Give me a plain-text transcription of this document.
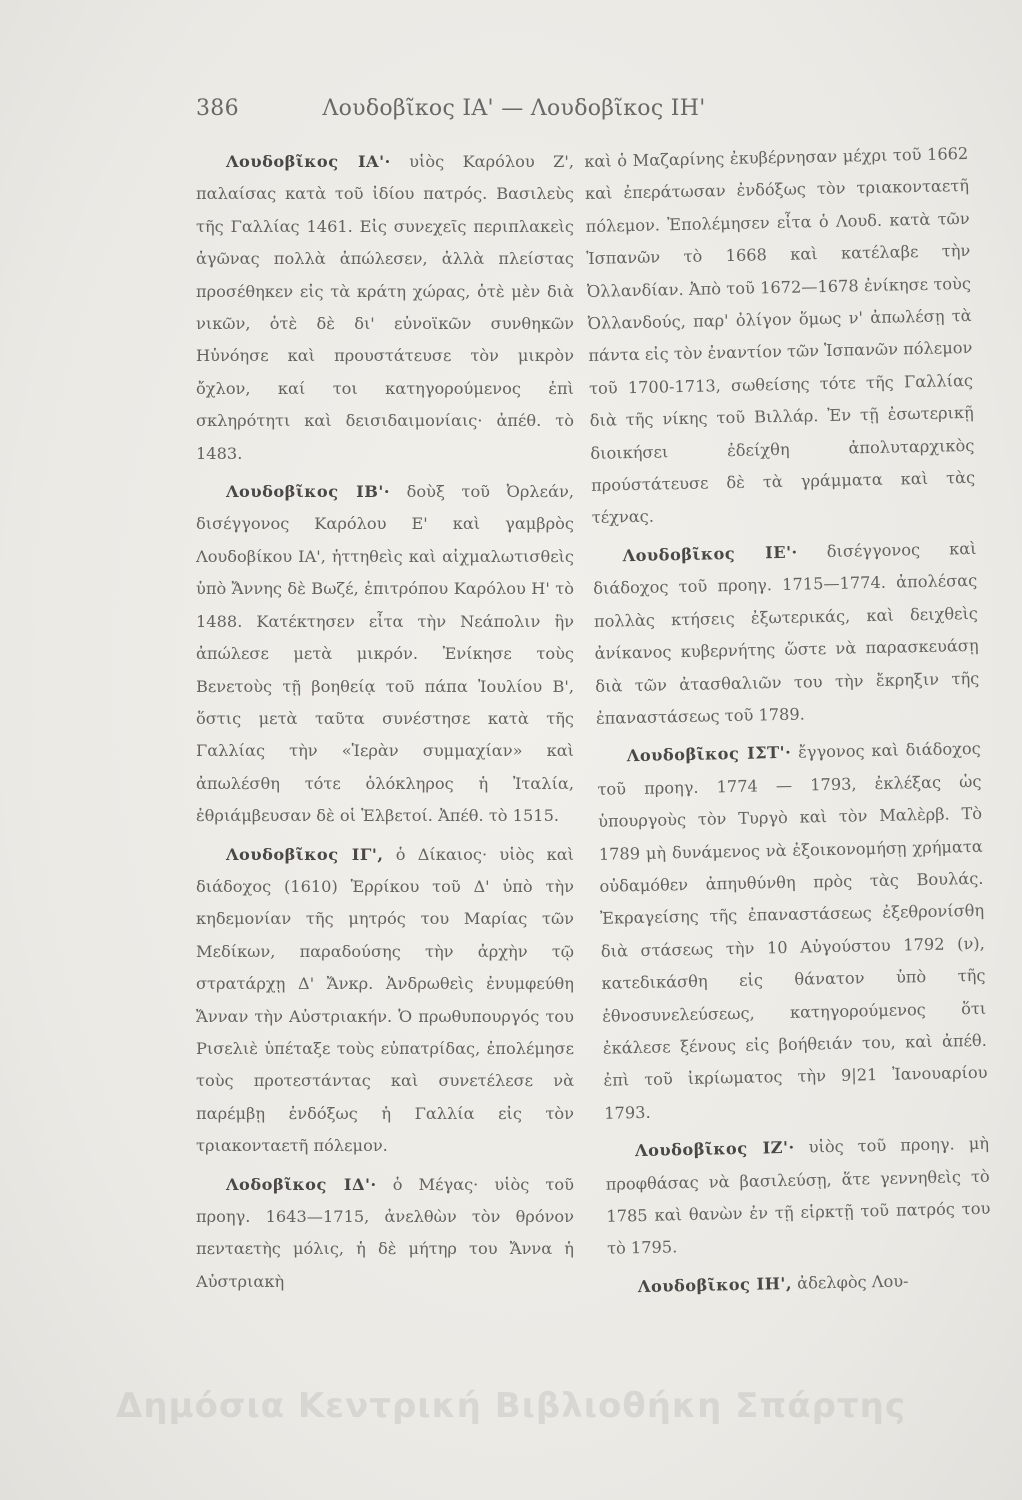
386	Λουδοβῖκος ΙΑ' — Λουδοβῖκος ΙΗ'

Λουδοβῖκος ΙΑ'· υἱὸς Καρόλου Ζ', παλαίσας κατὰ τοῦ ἰδίου πατρός. Βασιλεὺς τῆς Γαλλίας 1461. Εἰς συνεχεῖς περιπλακεὶς ἀγῶνας πολλὰ ἀπώλεσεν, ἀλλὰ πλείστας προσέθηκεν εἰς τὰ κράτη χώρας, ὁτὲ μὲν διὰ νικῶν, ὁτὲ δὲ δι' εὐνοϊκῶν συνθηκῶν Ηὐνόησε καὶ προυστάτευσε τὸν μικρὸν ὄχλον, καί τοι κατηγορούμενος ἐπὶ σκληρότητι καὶ δεισιδαιμονίαις· ἀπέθ. τὸ 1483.

Λουδοβῖκος ΙΒ'· δοὺξ τοῦ Ὀρλεάν, δισέγγονος Καρόλου Ε' καὶ γαμβρὸς Λουδοβίκου ΙΑ', ἡττηθεὶς καὶ αἰχμαλωτισθεὶς ὑπὸ Ἄννης δὲ Βωζέ, ἐπιτρόπου Καρόλου Η' τὸ 1488. Κατέκτησεν εἶτα τὴν Νεάπολιν ἣν ἀπώλεσε μετὰ μικρόν. Ἐνίκησε τοὺς Βενετοὺς τῇ βοηθείᾳ τοῦ πάπα Ἰουλίου Β', ὅστις μετὰ ταῦτα συνέστησε κατὰ τῆς Γαλλίας τὴν «Ἱερὰν συμμαχίαν» καὶ ἀπωλέσθη τότε ὁλόκληρος ἡ Ἰταλία, ἐθριάμβευσαν δὲ οἱ Ἑλβετοί. Ἀπέθ. τὸ 1515.

Λουδοβῖκος ΙΓ', ὁ Δίκαιος· υἱὸς καὶ διάδοχος (1610) Ἑρρίκου τοῦ Δ' ὑπὸ τὴν κηδεμονίαν τῆς μητρός του Μαρίας τῶν Μεδίκων, παραδούσης τὴν ἀρχὴν τῷ στρατάρχῃ Δ' Ἄνκρ. Ἀνδρωθεὶς ἐνυμφεύθη Ἄνναν τὴν Αὐστριακήν. Ὁ πρωθυπουργός του Ρισελιὲ ὑπέταξε τοὺς εὐπατρίδας, ἐπολέμησε τοὺς προτεστάντας καὶ συνετέλεσε νὰ παρέμβῃ ἐνδόξως ἡ Γαλλία εἰς τὸν τριακονταετῆ πόλεμον.

Λοδοβῖκος ΙΔ'· ὁ Μέγας· υἱὸς τοῦ προηγ. 1643—1715, ἀνελθὼν τὸν θρόνον πενταετὴς μόλις, ἡ δὲ μήτηρ του Ἄννα ἡ Αὐστριακὴ

καὶ ὁ Μαζαρίνης ἐκυβέρνησαν μέχρι τοῦ 1662 καὶ ἐπεράτωσαν ἐνδόξως τὸν τριακονταετῆ πόλεμον. Ἐπολέμησεν εἶτα ὁ Λουδ. κατὰ τῶν Ἱσπανῶν τὸ 1668 καὶ κατέλαβε τὴν Ὀλλανδίαν. Ἀπὸ τοῦ 1672—1678 ἐνίκησε τοὺς Ὀλλανδούς, παρ' ὀλίγον ὅμως ν' ἀπωλέσῃ τὰ πάντα εἰς τὸν ἐναντίον τῶν Ἱσπανῶν πόλεμον τοῦ 1700-1713, σωθείσης τότε τῆς Γαλλίας διὰ τῆς νίκης τοῦ Βιλλάρ. Ἐν τῇ ἐσωτερικῇ διοικήσει ἐδείχθη ἀπολυταρχικὸς προύστάτευσε δὲ τὰ γράμματα καὶ τὰς τέχνας.

Λουδοβῖκος ΙΕ'· δισέγγονος καὶ διάδοχος τοῦ προηγ. 1715—1774. ἀπολέσας πολλὰς κτήσεις ἐξωτερικάς, καὶ δειχθεὶς ἀνίκανος κυβερνήτης ὥστε νὰ παρασκευάσῃ διὰ τῶν ἀτασθαλιῶν του τὴν ἔκρηξιν τῆς ἐπαναστάσεως τοῦ 1789.

Λουδοβῖκος ΙΣΤ'· ἔγγονος καὶ διάδοχος τοῦ προηγ. 1774 — 1793, ἐκλέξας ὡς ὑπουργοὺς τὸν Τυργὸ καὶ τὸν Μαλὲρβ. Τὸ 1789 μὴ δυνάμενος νὰ ἐξοικονομήσῃ χρήματα οὐδαμόθεν ἀπηυθύνθη πρὸς τὰς Βουλάς. Ἐκραγείσης τῆς ἐπαναστάσεως ἐξεθρονίσθη διὰ στάσεως τὴν 10 Αὐγούστου 1792 (ν), κατεδικάσθη εἰς θάνατον ὑπὸ τῆς ἐθνοσυνελεύσεως, κατηγορούμενος ὅτι ἐκάλεσε ξένους εἰς βοήθειάν του, καὶ ἀπέθ. ἐπὶ τοῦ ἰκρίωματος τὴν 9|21 Ἰανουαρίου 1793.

Λουδοβῖκος ΙΖ'· υἱὸς τοῦ προηγ. μὴ προφθάσας νὰ βασιλεύσῃ, ἅτε γεννηθεὶς τὸ 1785 καὶ θανὼν ἐν τῇ εἱρκτῇ τοῦ πατρός του τὸ 1795.

Λουδοβῖκος ΙΗ', ἀδελφὸς Λου-

Δημόσια Κεντρική Βιβλιοθήκη Σπάρτης
